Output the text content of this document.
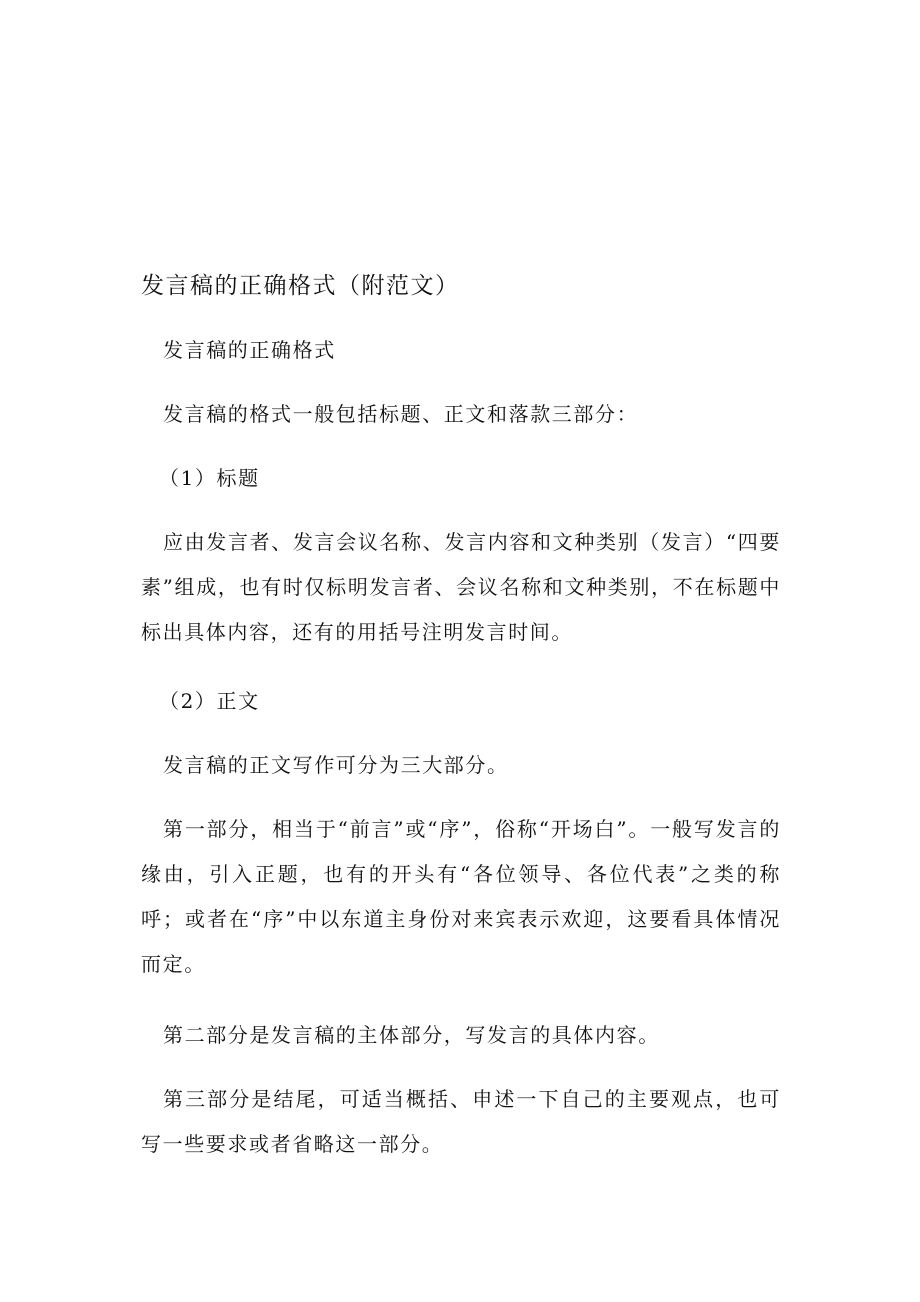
发言稿的正确格式（附范文）

发言稿的正确格式

发言稿的格式一般包括标题、正文和落款三部分：

（1）标题

应由发言者、发言会议名称、发言内容和文种类别（发言）“四要素”组成，也有时仅标明发言者、会议名称和文种类别，不在标题中标出具体内容，还有的用括号注明发言时间。

（2）正文

发言稿的正文写作可分为三大部分。

第一部分，相当于“前言”或“序”，俗称“开场白”。一般写发言的缘由，引入正题，也有的开头有“各位领导、各位代表”之类的称呼；或者在“序”中以东道主身份对来宾表示欢迎，这要看具体情况而定。

第二部分是发言稿的主体部分，写发言的具体内容。

第三部分是结尾，可适当概括、申述一下自己的主要观点，也可写一些要求或者省略这一部分。
